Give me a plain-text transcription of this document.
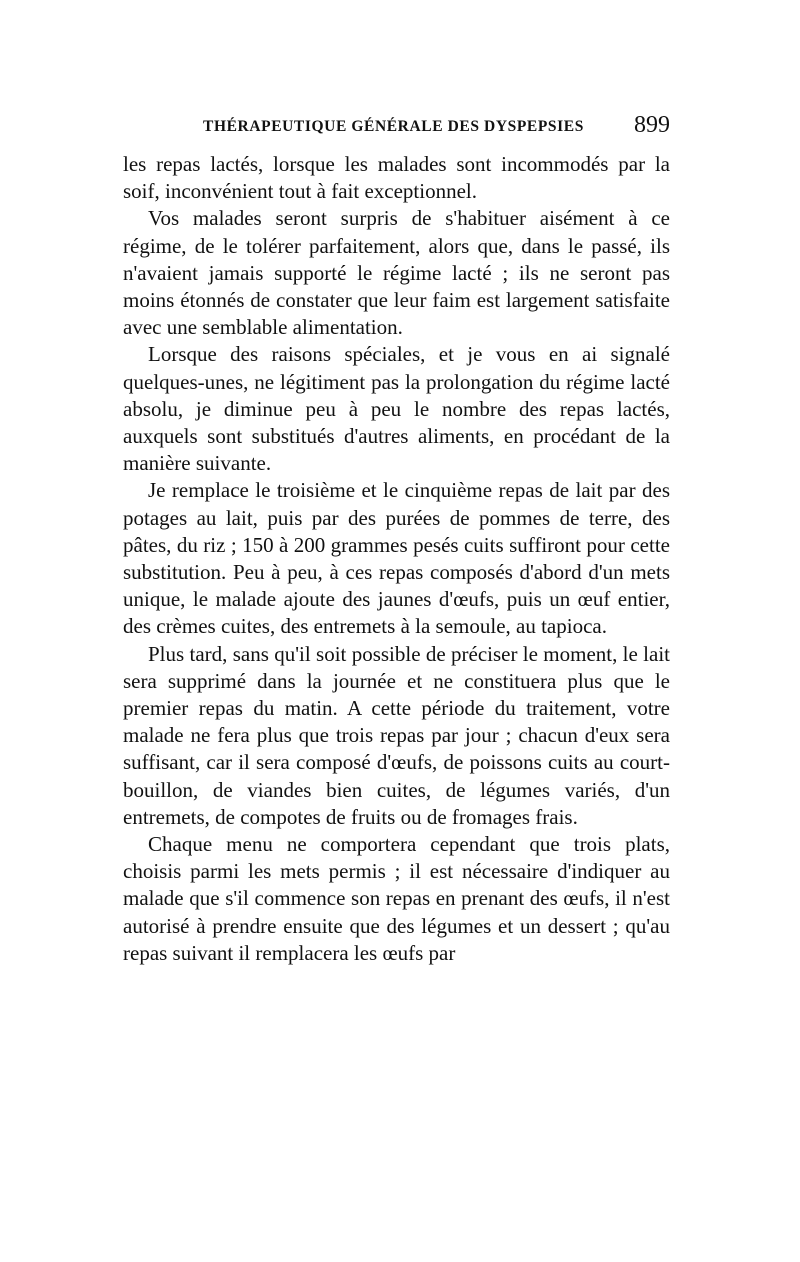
THÉRAPEUTIQUE GÉNÉRALE DES DYSPEPSIES 899

les repas lactés, lorsque les malades sont incommodés par la soif, inconvénient tout à fait exceptionnel.

Vos malades seront surpris de s'habituer aisément à ce régime, de le tolérer parfaitement, alors que, dans le passé, ils n'avaient jamais supporté le régime lacté ; ils ne seront pas moins étonnés de constater que leur faim est largement satisfaite avec une semblable alimentation.

Lorsque des raisons spéciales, et je vous en ai signalé quelques-unes, ne légitiment pas la prolongation du régime lacté absolu, je diminue peu à peu le nombre des repas lactés, auxquels sont substitués d'autres aliments, en procédant de la manière suivante.

Je remplace le troisième et le cinquième repas de lait par des potages au lait, puis par des purées de pommes de terre, des pâtes, du riz ; 150 à 200 grammes pesés cuits suffiront pour cette substitution. Peu à peu, à ces repas composés d'abord d'un mets unique, le malade ajoute des jaunes d'œufs, puis un œuf entier, des crèmes cuites, des entremets à la semoule, au tapioca.

Plus tard, sans qu'il soit possible de préciser le moment, le lait sera supprimé dans la journée et ne constituera plus que le premier repas du matin. A cette période du traitement, votre malade ne fera plus que trois repas par jour ; chacun d'eux sera suffisant, car il sera composé d'œufs, de poissons cuits au court-bouillon, de viandes bien cuites, de légumes variés, d'un entremets, de compotes de fruits ou de fromages frais.

Chaque menu ne comportera cependant que trois plats, choisis parmi les mets permis ; il est nécessaire d'indiquer au malade que s'il commence son repas en prenant des œufs, il n'est autorisé à prendre ensuite que des légumes et un dessert ; qu'au repas suivant il remplacera les œufs par
